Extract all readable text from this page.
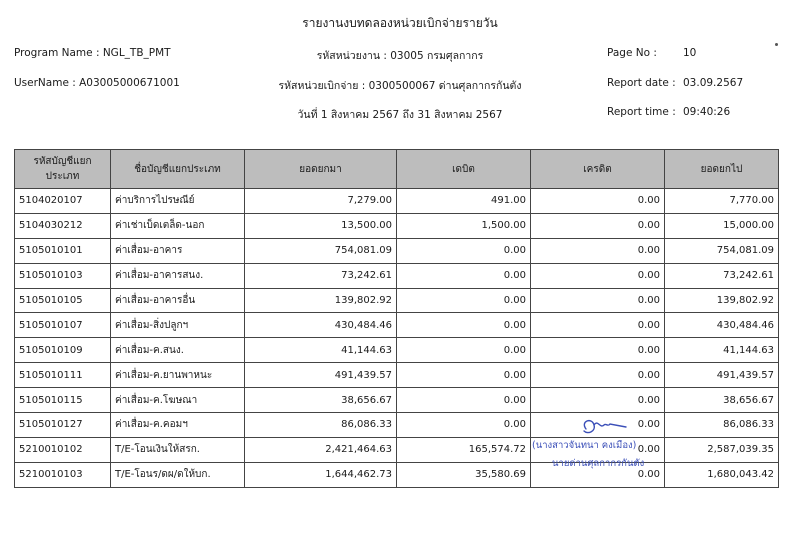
รายงานงบทดลองหน่วยเบิกจ่ายรายวัน
Program Name : NGL_TB_PMT	รหัสหน่วยงาน : 03005 กรมศุลกากร	Page No : 10
UserName : A03005000671001	รหัสหน่วยเบิกจ่าย : 0300500067 ด่านศุลกากรกันตัง	Report date : 03.09.2567
วันที่ 1 สิงหาคม 2567 ถึง 31 สิงหาคม 2567	Report time : 09:40:26
รหัสบัญชีแยกประเภท	ชื่อบัญชีแยกประเภท	ยอดยกมา	เดบิต	เครดิต	ยอดยกไป
5104020107	ค่าบริการไปรษณีย์	7,279.00	491.00	0.00	7,770.00
5104030212	ค่าเช่าเบ็ดเตล็ด-นอก	13,500.00	1,500.00	0.00	15,000.00
5105010101	ค่าเสื่อม-อาคาร	754,081.09	0.00	0.00	754,081.09
5105010103	ค่าเสื่อม-อาคารสนง.	73,242.61	0.00	0.00	73,242.61
5105010105	ค่าเสื่อม-อาคารอื่น	139,802.92	0.00	0.00	139,802.92
5105010107	ค่าเสื่อม-สิ่งปลูกฯ	430,484.46	0.00	0.00	430,484.46
5105010109	ค่าเสื่อม-ค.สนง.	41,144.63	0.00	0.00	41,144.63
5105010111	ค่าเสื่อม-ค.ยานพาหนะ	491,439.57	0.00	0.00	491,439.57
5105010115	ค่าเสื่อม-ค.โฆษณา	38,656.67	0.00	0.00	38,656.67
5105010127	ค่าเสื่อม-ค.คอมฯ	86,086.33	0.00	0.00	86,086.33
5210010102	T/E-โอนเงินให้สรก.	2,421,464.63	165,574.72	0.00	2,587,039.35
5210010103	T/E-โอนร/ดผ/ดให้บก.	1,644,462.73	35,580.69	0.00	1,680,043.42
(นางสาวจันทนา คงเมือง)
นายด่านศุลกากรกันตัง
